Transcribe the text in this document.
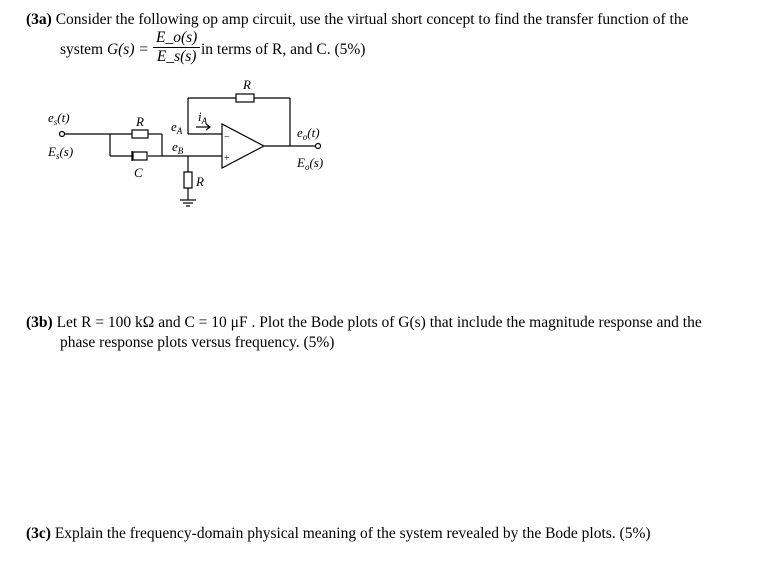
(3a) Consider the following op amp circuit, use the virtual short concept to find the transfer function of the
system $G(s) = \frac{E\_o(s)}{E\_s(s)}$ in terms of R, and C. (5%)
$e_s(t)$
$E_s(s)$
R
C
$e_A$
$e_B$
$i_A$
R
R
−
+
$e_o(t)$
$E_o(s)$
(3b) Let R = 100 kΩ and C = 10 μF . Plot the Bode plots of G(s) that include the magnitude response and the
phase response plots versus frequency. (5%)
(3c) Explain the frequency-domain physical meaning of the system revealed by the Bode plots. (5%)
